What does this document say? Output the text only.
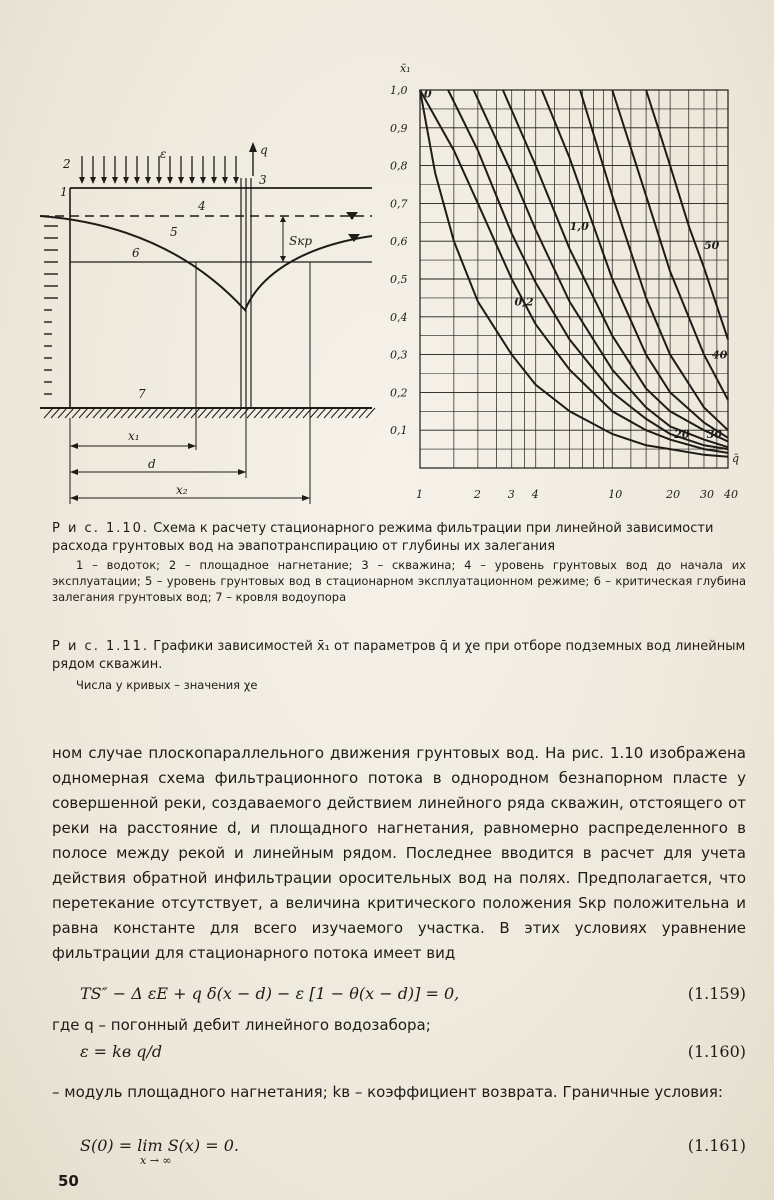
2
1
ε	q
3
4
5
6
Sкр
7
x₁
d
x₂
0,1
0,2
0,3
0,4
0,5
0,6
0,7
0,8
0,9
1,0
1	2 3 4	10	20 30 40
x̄₁
q̄
0
0,2
1,0
20 30
40
50

Р и с. 1.10. Схема к расчету стационарного режима фильтрации при линейной зависимости расхода грунтовых вод на эвапотранспирацию от глубины их залегания

1 – водоток; 2 – площадное нагнетание; 3 – скважина; 4 – уровень грунтовых вод до начала их эксплуатации; 5 – уровень грунтовых вод в стационарном эксплуатационном режиме; 6 – критическая глубина залегания грунтовых вод; 7 – кровля водоупора

Р и с. 1.11. Графики зависимостей x̄₁ от параметров q̄ и χe при отборе подземных вод линейным рядом скважин.

Числа у кривых – значения χe

ном случае плоскопараллельного движения грунтовых вод. На рис. 1.10 изображена одномерная схема фильтрационного потока в однородном безнапорном пласте у совершенной реки, создаваемого действием линейного ряда скважин, отстоящего от реки на расстояние d, и площадного нагнетания, равномерно распределенного в полосе между рекой и линейным рядом. Последнее вводится в расчет для учета действия обратной инфильтрации оросительных вод на полях. Предполагается, что перетекание отсутствует, а величина критического положения Sкр положительна и равна константе для всего изучаемого участка. В этих условиях уравнение фильтрации для стационарного потока имеет вид

TS″ − Δ εE + q δ(x − d) − ε [1 − θ(x − d)] = 0,	(1.159)

где q – погонный дебит линейного водозабора;

ε = kв q/d	(1.160)

– модуль площадного нагнетания; kв – коэффициент возврата. Граничные условия:

S(0) = lim S(x) = 0.
x → ∞
(1.161)
50
